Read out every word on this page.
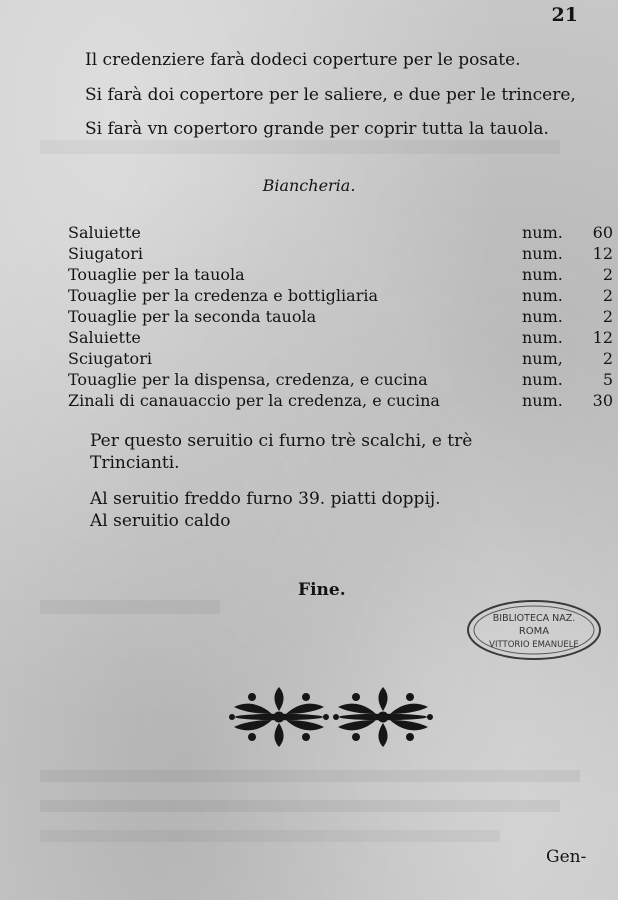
21
Il credenziere farà dodeci coperture per le posate.
Si farà doi copertore per le saliere, e due per le trincere,
Si farà vn copertoro grande per coprir tutta la tauola.
Biancheria.
Saluiette	num.	60
Siugatori	num.	12
Touaglie per la tauola	num.	2
Touaglie per la credenza e bottigliaria	num.	2
Touaglie per la seconda tauola	num.	2
Saluiette	num.	12
Sciugatori	num,	2
Touaglie per la dispensa, credenza, e cucina	num.	5
Zinali di canauaccio per la credenza, e cucina	num.	30
Per questo seruitio ci furno trè scalchi, e trè
Trincianti.
Al seruitio freddo furno 39. piatti doppij.
Al seruitio caldo
Fine.
BIBLIOTECA NAZ.
ROMA
VITTORIO EMANUELE
Gen-
